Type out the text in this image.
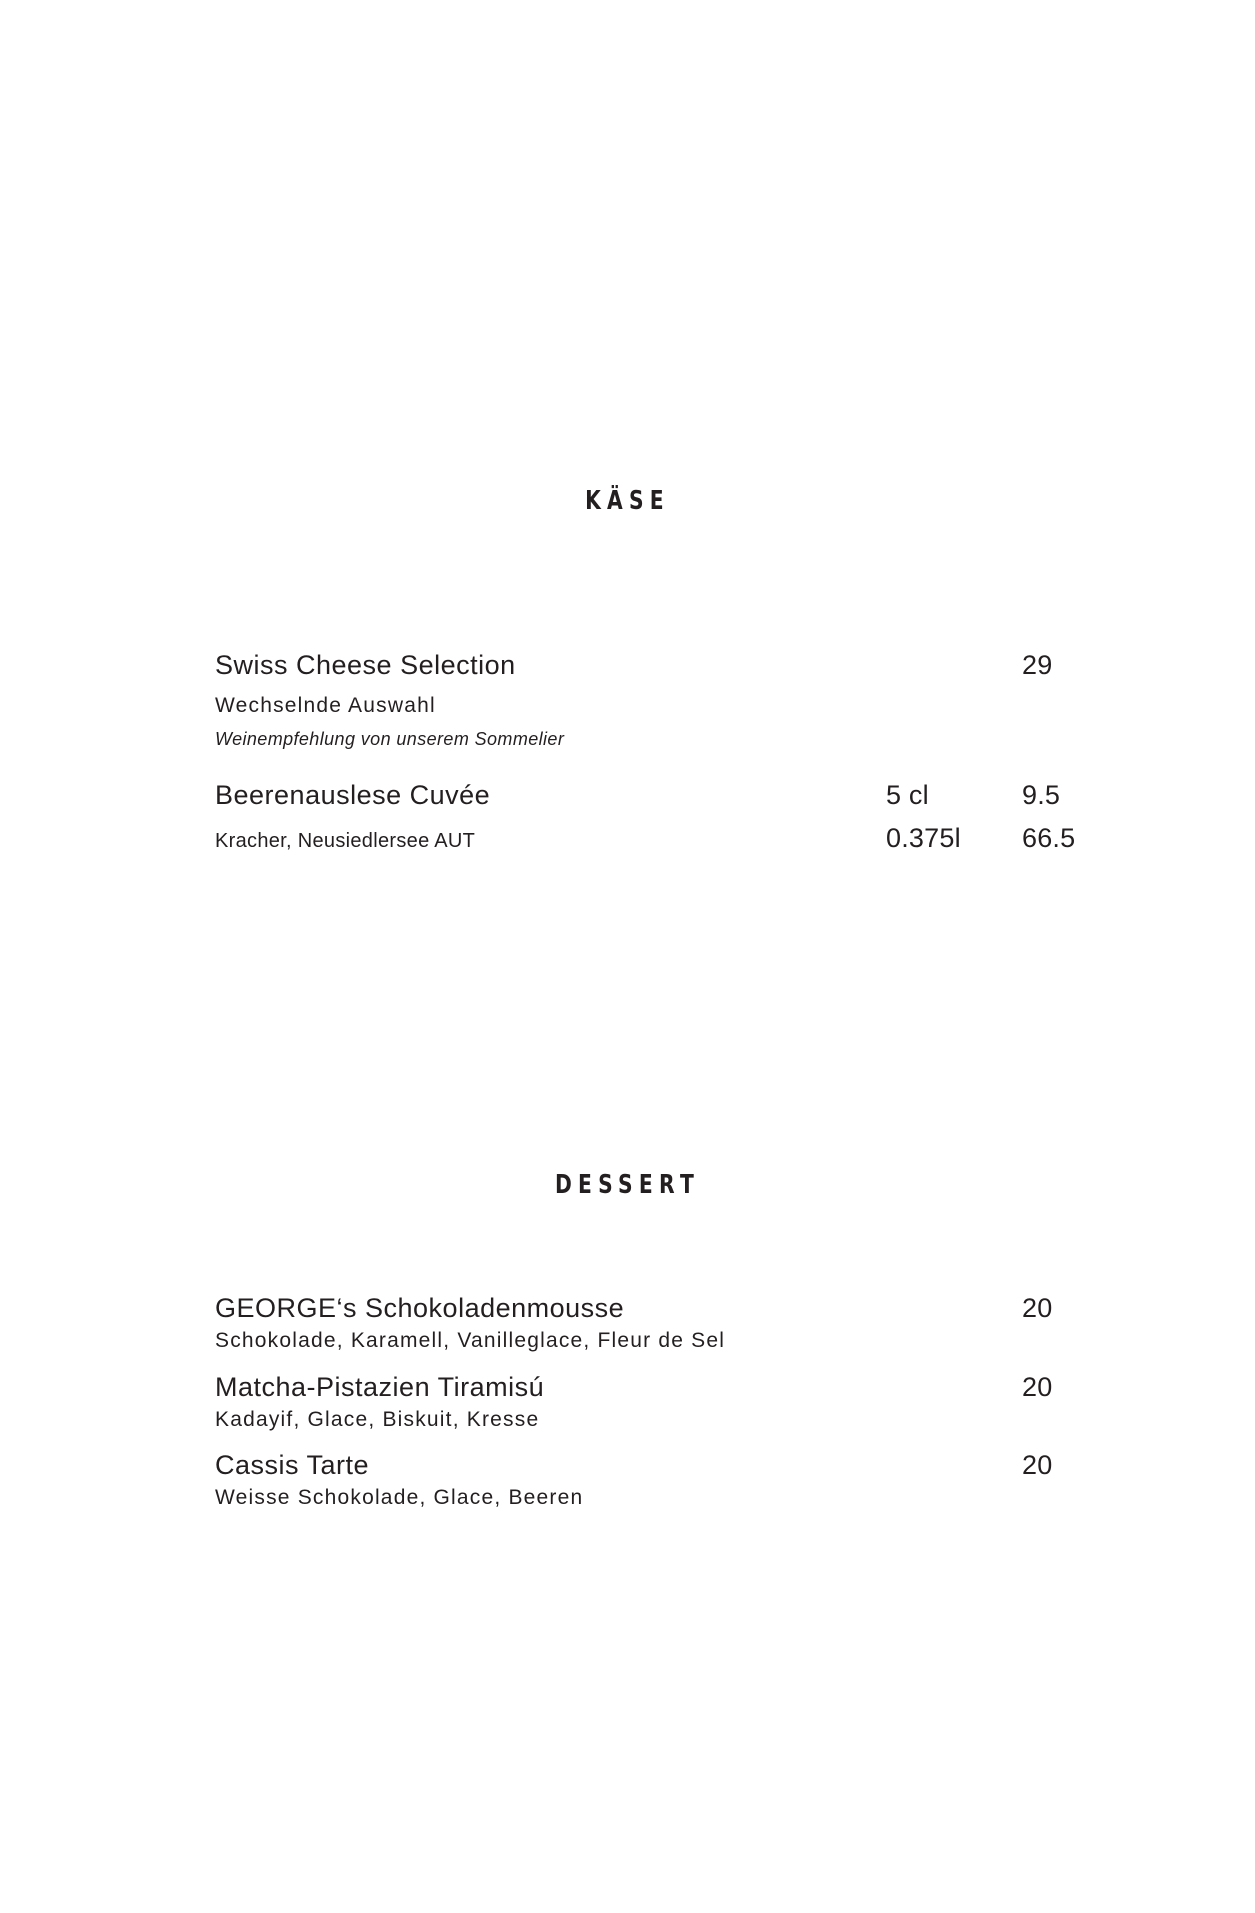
KÄSE
Swiss Cheese Selection	29
Wechselnde Auswahl
Weinempfehlung von unserem Sommelier
Beerenauslese Cuvée	5 cl	9.5
Kracher, Neusiedlersee AUT	0.375l 66.5
DESSERT
GEORGE‘s Schokoladenmousse	20
Schokolade, Karamell, Vanilleglace, Fleur de Sel
Matcha-Pistazien Tiramisú	20
Kadayif, Glace, Biskuit, Kresse
Cassis Tarte	20
Weisse Schokolade, Glace, Beeren
